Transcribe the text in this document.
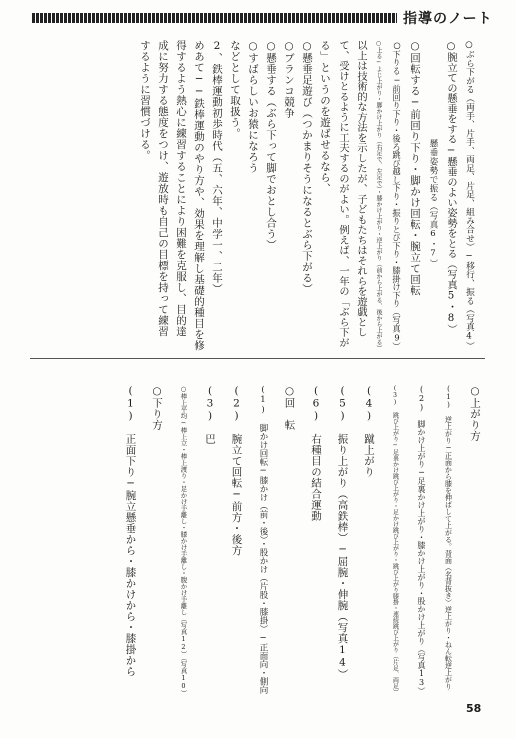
指導のノート
○ぶら下がる（両手、片手、両足、片足、組み合せ）─移行、振る（写真4）
○腕立ての懸垂をする─懸垂のよい姿勢をとる（写真5・8）
　　　　　　　　　　　懸垂姿勢で振る（写真6・7）
○回転する─前回り下り・脚かけ回転・腕立て回転
○下りる─前回り下り・後ろ跳び越し下り・振りとび下り・膝掛け下り（写真9）
○上る─よじ上がり・脚かけ上がり（右足で、左足で）・膝かけ上がり・逆上がり（前から上がる、後から上がる）
以上は技術的な方法を示したが、子どもたちはそれらを遊戯とし
て、受けとるように工夫するのがよい。例えば、一年の「ぶら下が
る」というのを遊ばせるなら、
○懸垂足遊び（つかまりそうになるとぶら下がる）
○ブランコ競争
○懸垂する（ぶら下って脚でおとし合う）
○すばらしいお猿になろう
などとして取扱う。
2、鉄棒運動初歩時代（五、六年、中学一、二年）
めあて──鉄棒運動のやり方や、効果を理解し基礎的種目を修
得するよう熱心に練習することにより困難を克服し、目的達
成に努力する態度をつけ、遊放時も自己の目標を持って練習
するように習慣づける。
○上がり方
(1)　逆上がり─正面から膝を伸ばして上がる。背面（名背抜き）逆上がり・ねん転逆上がり
(2)　脚かけ上がり─足裏かけ上がり・膝かけ上がり・股かけ上がり（写真13）
(3)　跳び上がり─足裏かけ跳び上がり・足かけ跳び上がり・跳び上がり膝掛・連続跳び上がり（片足、両足）
(4)　蹴上がり
(5)　振り上がり（高鉄棒）─屈腕・伸腕（写真14）
(6)　右種目の結合運動
○回　転
(1)　脚かけ回転─膝かけ（前・後）・股かけ（片股・膝掛）─正面向・側向
(2)　腕立て回転─前方・後方
(3)　巴
○棒上平均─棒上立・棒上渡り・足かけ手離し・膝かけ手離し・腹かけ手離し（写真12）（写真10）
○下り方
(1)　正面下り─腕立懸垂から・膝かけから・膝掛から
58
